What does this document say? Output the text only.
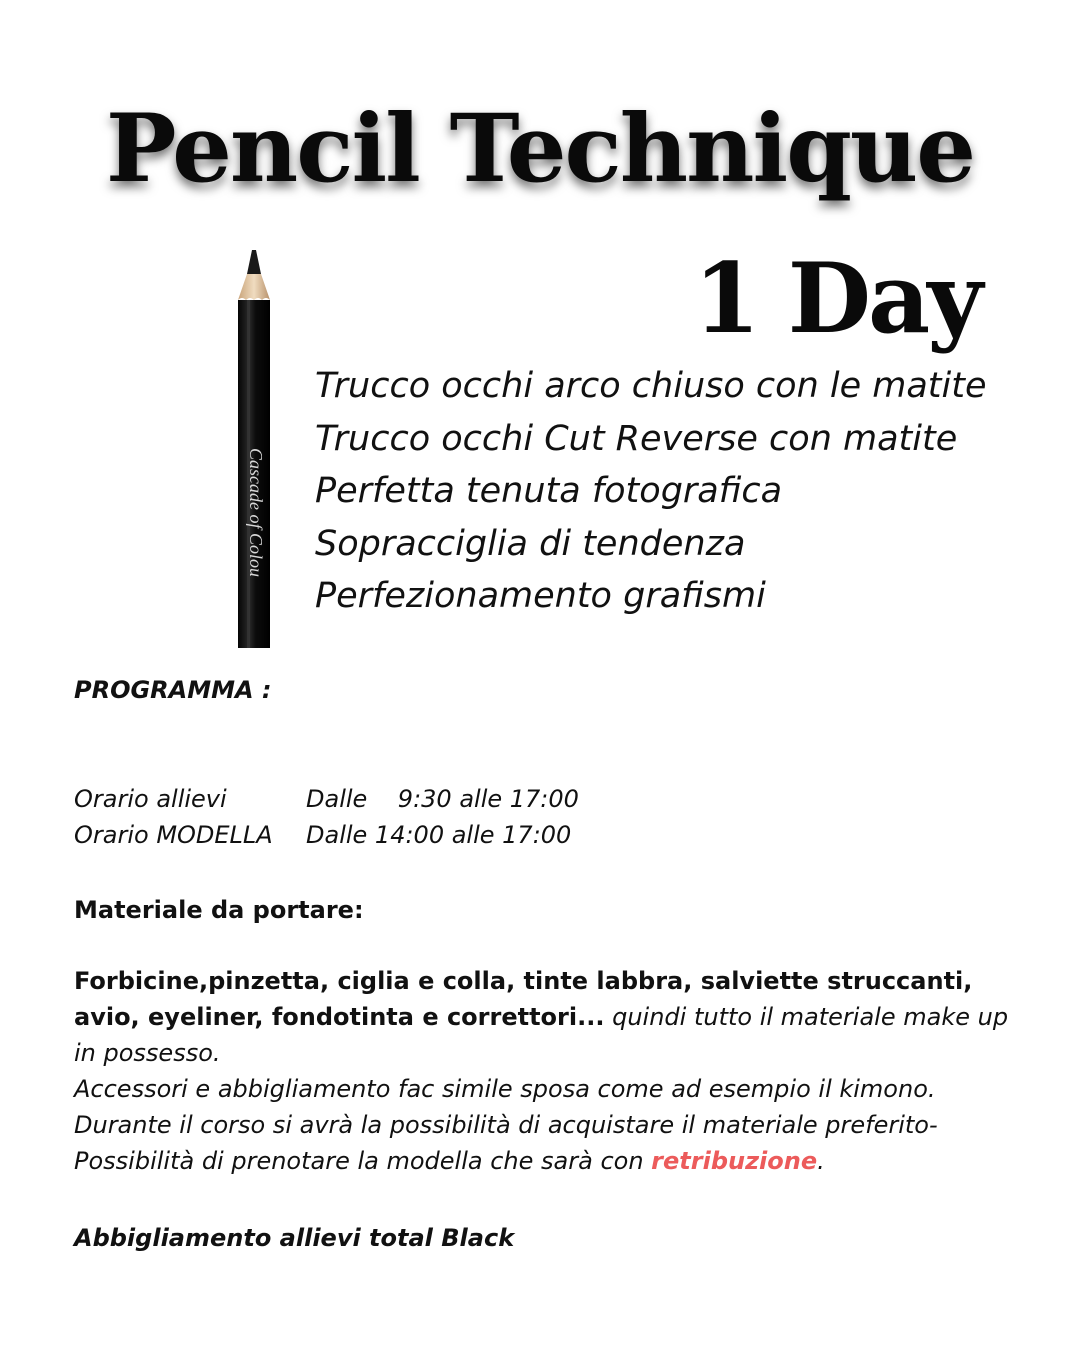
Pencil Technique
1 Day
Cascade of Colou
Trucco occhi arco chiuso con le matite
Trucco occhi Cut Reverse con matite
Perfetta tenuta fotografica
Sopracciglia di tendenza
Perfezionamento grafismi

PROGRAMMA :

Orario allievi	Dalle    9:30 alle 17:00
Orario MODELLA	Dalle 14:00 alle 17:00

Materiale da portare:

Forbicine,pinzetta, ciglia e colla, tinte labbra, salviette struccanti, avio, eyeliner, fondotinta e correttori... quindi tutto il materiale make up in possesso.
Accessori e abbigliamento fac simile sposa come ad esempio il kimono.
Durante il corso si avrà la possibilità di acquistare il materiale preferito-
Possibilità di prenotare la modella che sarà con retribuzione.

Abbigliamento allievi total Black
